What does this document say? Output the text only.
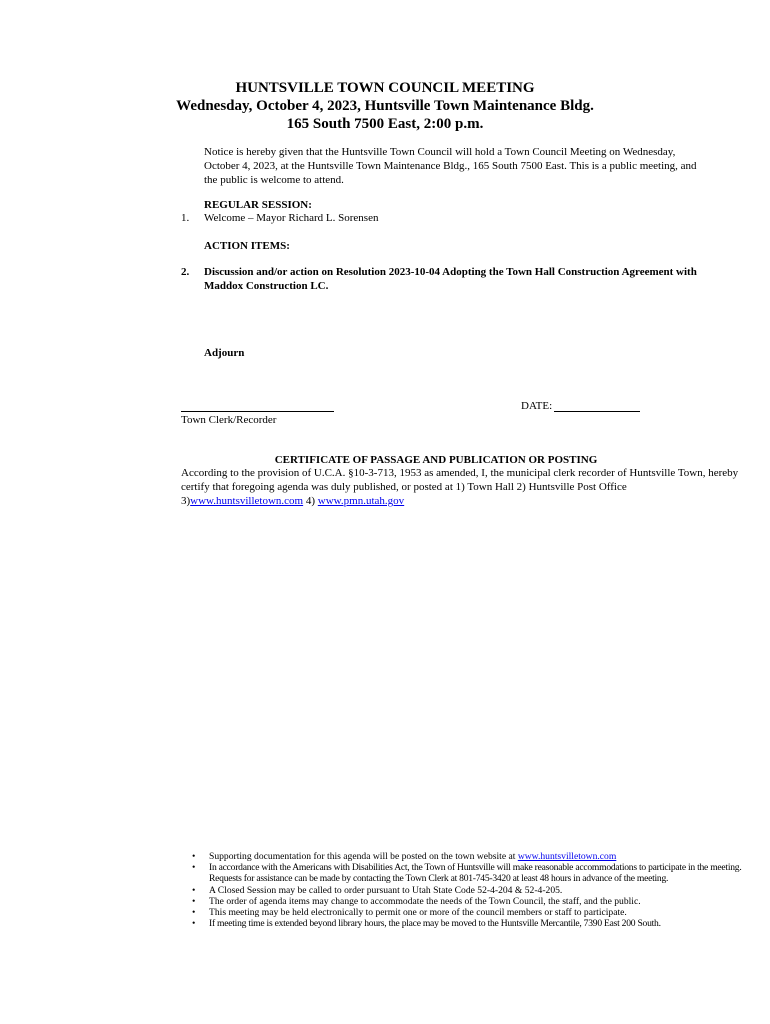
HUNTSVILLE TOWN COUNCIL MEETING
Wednesday, October 4, 2023, Huntsville Town Maintenance Bldg.
165 South 7500 East, 2:00 p.m.
Notice is hereby given that the Huntsville Town Council will hold a Town Council Meeting on Wednesday,
October 4, 2023, at the Huntsville Town Maintenance Bldg., 165 South 7500 East. This is a public meeting, and
the public is welcome to attend.
REGULAR SESSION:
1. Welcome – Mayor Richard L. Sorensen
ACTION ITEMS:
2. Discussion and/or action on Resolution 2023-10-04 Adopting the Town Hall Construction Agreement with
Maddox Construction LC.
Adjourn
Town Clerk/Recorder
DATE:
CERTIFICATE OF PASSAGE AND PUBLICATION OR POSTING
According to the provision of U.C.A. §10-3-713, 1953 as amended, I, the municipal clerk recorder of Huntsville Town, hereby
certify that foregoing agenda was duly published, or posted at 1) Town Hall 2) Huntsville Post Office
3)www.huntsvilletown.com 4) www.pmn.utah.gov
• Supporting documentation for this agenda will be posted on the town website at www.huntsvilletown.com
• In accordance with the Americans with Disabilities Act, the Town of Huntsville will make reasonable accommodations to participate in the meeting. Requests for assistance can be made by contacting the Town Clerk at 801-745-3420 at least 48 hours in advance of the meeting.
• A Closed Session may be called to order pursuant to Utah State Code 52-4-204 & 52-4-205.
• The order of agenda items may change to accommodate the needs of the Town Council, the staff, and the public.
• This meeting may be held electronically to permit one or more of the council members or staff to participate.
• If meeting time is extended beyond library hours, the place may be moved to the Huntsville Mercantile, 7390 East 200 South.
